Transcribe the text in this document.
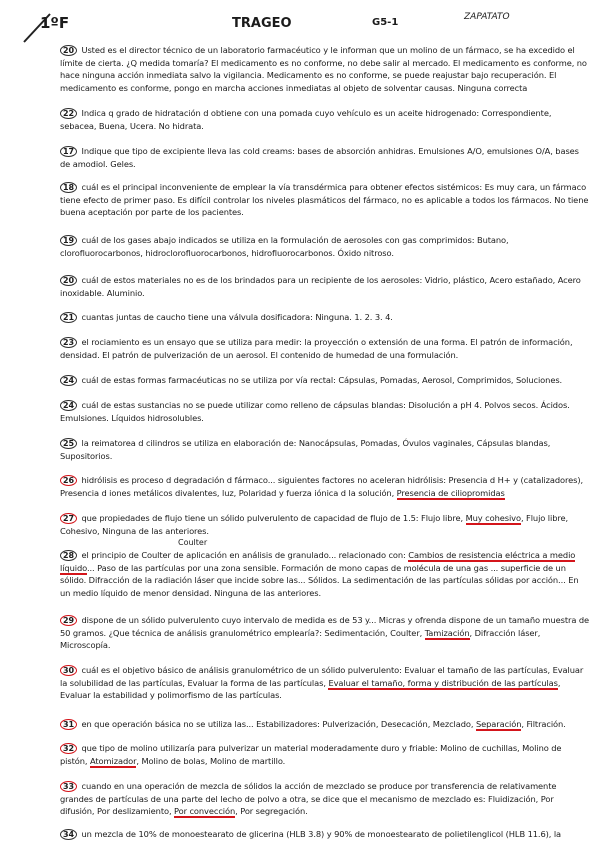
1ºF	TRAGEO	G5-1	ZAPATATO
20 Usted es el director técnico de un laboratorio farmacéutico y le informan que un molino de un fármaco, se ha excedido el límite de cierta. ¿Q medida tomaría? El medicamento es no conforme, no debe salir al mercado. El medicamento es conforme, no hace ninguna acción inmediata salvo la vigilancia. Medicamento es no conforme, se puede reajustar bajo recuperación. El medicamento es conforme, pongo en marcha acciones inmediatas al objeto de solventar causas. Ninguna correcta
22 Indica q grado de hidratación d obtiene con una pomada cuyo vehículo es un aceite hidrogenado: Correspondiente, sebacea, Buena, Ucera. No hidrata.
17 Indique que tipo de excipiente lleva las cold creams: bases de absorción anhidras. Emulsiones A/O, emulsiones O/A, bases de amodiol. Geles.
18 cuál es el principal inconveniente de emplear la vía transdérmica para obtener efectos sistémicos: Es muy cara, un fármaco tiene efecto de primer paso. Es difícil controlar los niveles plasmáticos del fármaco, no es aplicable a todos los fármacos. No tiene buena aceptación por parte de los pacientes.
19 cuál de los gases abajo indicados se utiliza en la formulación de aerosoles con gas comprimidos: Butano, clorofluorocarbonos, hidroclorofluorocarbonos, hidrofluorocarbonos. Óxido nitroso.
20 cuál de estos materiales no es de los brindados para un recipiente de los aerosoles: Vidrio, plástico, Acero estañado, Acero inoxidable. Aluminio.
21 cuantas juntas de caucho tiene una válvula dosificadora: Ninguna. 1. 2. 3. 4.
23 el rociamiento es un ensayo que se utiliza para medir: la proyección o extensión de una forma. El patrón de información, densidad. El patrón de pulverización de un aerosol. El contenido de humedad de una formulación.
24 cuál de estas formas farmacéuticas no se utiliza por vía rectal: Cápsulas, Pomadas, Aerosol, Comprimidos, Soluciones.
24 cuál de estas sustancias no se puede utilizar como relleno de cápsulas blandas: Disolución a pH 4. Polvos secos. Ácidos. Emulsiones. Líquidos hidrosolubles.
25 la reimatorea d cilindros se utiliza en elaboración de: Nanocápsulas, Pomadas, Óvulos vaginales, Cápsulas blandas, Supositorios.
26 hidrólisis es proceso d degradación d fármaco... siguientes factores no aceleran hidrólisis: Presencia d H+ y (catalizadores), Presencia d iones metálicos divalentes, luz, Polaridad y fuerza iónica d la solución, Presencia de ciliopromidas
27 que propiedades de flujo tiene un sólido pulverulento de capacidad de flujo de 1.5: Flujo libre, Muy cohesivo, Flujo libre, Cohesivo, Ninguna de las anteriores.
Coulter
28 el principio de Coulter de aplicación en análisis de granulado... relacionado con: Cambios de resistencia eléctrica a medio líquido... Paso de las partículas por una zona sensible. Formación de mono capas de molécula de una gas ... superficie de un sólido. Difracción de la radiación láser que incide sobre las... Sólidos. La sedimentación de las partículas sólidas por acción... En un medio líquido de menor densidad. Ninguna de las anteriores.
29 dispone de un sólido pulverulento cuyo intervalo de medida es de 53 y... Micras y ofrenda dispone de un tamaño muestra de 50 gramos. ¿Que técnica de análisis granulométrico emplearía?: Sedimentación, Coulter, Tamización, Difracción láser, Microscopía.
30 cuál es el objetivo básico de análisis granulométrico de un sólido pulverulento: Evaluar el tamaño de las partículas, Evaluar la solubilidad de las partículas, Evaluar la forma de las partículas, Evaluar el tamaño, forma y distribución de las partículas, Evaluar la estabilidad y polimorfismo de las partículas.
31 en que operación básica no se utiliza las... Estabilizadores: Pulverización, Desecación, Mezclado, Separación, Filtración.
32 que tipo de molino utilizaría para pulverizar un material moderadamente duro y friable: Molino de cuchillas, Molino de pistón, Atomizador, Molino de bolas, Molino de martillo.
33 cuando en una operación de mezcla de sólidos la acción de mezclado se produce por transferencia de relativamente grandes de partículas de una parte del lecho de polvo a otra, se dice que el mecanismo de mezclado es: Fluidización, Por difusión, Por deslizamiento, Por convección, Por segregación.
34 un mezcla de 10% de monoestearato de glicerina (HLB 3.8) y 90% de monoestearato de polietilenglicol (HLB 11.6), la
